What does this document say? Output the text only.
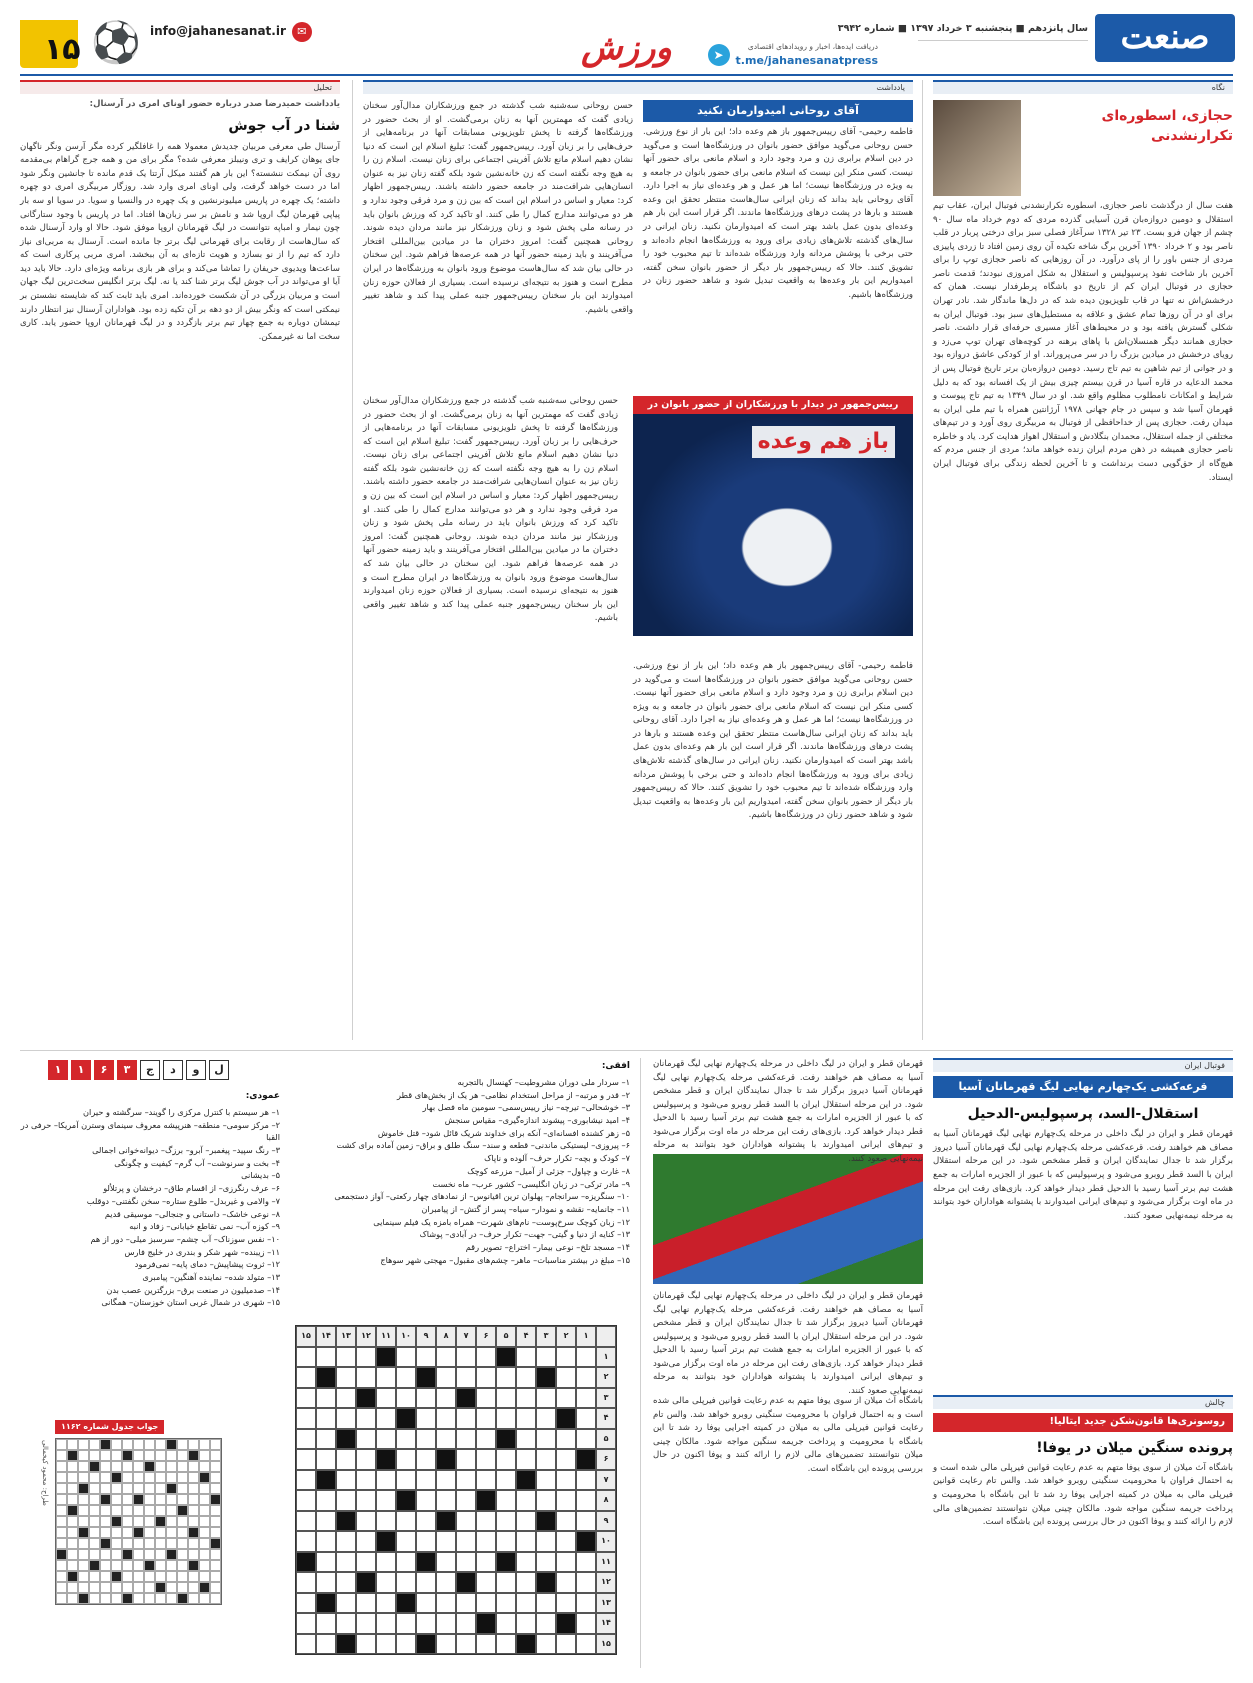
صنعت
سال پانزدهم ■ پنجشنبه ۳ خرداد ۱۳۹۷ ■ شماره ۳۹۴۲
دریافت ایده‌ها، اخبار و رویدادهای اقتصادی
t.me/jahanesanatpress
➤
ورزش
info@jahanesanat.ir	✉
⚽
۱۵
نگاه
حجازی، اسطوره‌ای تکرارنشدنی
هفت سال از درگذشت ناصر حجازی، اسطوره تکرارنشدنی فوتبال ایران، عقاب تیم استقلال و دومین دروازه‌بان قرن آسیایی گذرده مردی که دوم خرداد ماه سال ۹۰ چشم از جهان فرو بست. ۲۳ تیر ۱۳۲۸ سرآغاز فصلی سبز برای درختی پربار در قلب ناصر بود و ۲ خرداد ۱۳۹۰ آخرین برگ شاخه تکیده آن روی زمین افتاد تا زردی پاییزی مردی از جنس باور را از پای درآورد. در آن روزهایی که ناصر حجازی توپ را برای آخرین بار شاخت نفوذ پرسپولیس و استقلال به شکل امروزی نبودند؛ قدمت ناصر حجازی در فوتبال ایران کم از تاریخ دو باشگاه پرطرفدار نیست. همان که درخشش‌اش نه تنها در قاب تلویزیون دیده شد که در دل‌ها ماندگار شد. نادر تهران برای او در آن روزها تمام عشق و علاقه به مستطیل‌های سبز بود. فوتبال ایران به شکلی گسترش یافته بود و در محیط‌های آغاز مسیری حرفه‌ای قرار داشت. ناصر حجازی همانند دیگر همنسلان‌اش با پاهای برهنه در کوچه‌های تهران توپ می‌زد و رویای درخشش در میادین بزرگ را در سر می‌پروراند. او از کودکی عاشق دروازه بود و در جوانی از تیم شاهین به تیم تاج رسید. دومین دروازه‌بان برتر تاریخ فوتبال پس از محمد الدعایه در قاره آسیا در قرن بیستم چیزی بیش از یک افسانه بود که به دلیل شرایط و امکانات نامطلوب مظلوم واقع شد. او در سال ۱۳۴۹ به تیم تاج پیوست و قهرمان آسیا شد و سپس در جام جهانی ۱۹۷۸ آرژانتین همراه با تیم ملی ایران به میدان رفت. حجازی پس از خداحافظی از فوتبال به مربیگری روی آورد و در تیم‌های مختلفی از جمله استقلال، محمدان بنگلادش و استقلال اهواز هدایت کرد. یاد و خاطره ناصر حجازی همیشه در ذهن مردم ایران زنده خواهد ماند؛ مردی از جنس مردم که هیچ‌گاه از حق‌گویی دست برنداشت و تا آخرین لحظه زندگی برای فوتبال ایران ایستاد.
یادداشت
آقای روحانی امیدوارمان نکنید
فاطمه رحیمی- آقای رییس‌جمهور باز هم وعده داد؛ این بار از نوع ورزشی. حسن روحانی می‌گوید موافق حضور بانوان در ورزشگاه‌ها است و می‌گوید در دین اسلام برابری زن و مرد وجود دارد و اسلام مانعی برای حضور آنها نیست. کسی منکر این نیست که اسلام مانعی برای حضور بانوان در جامعه و به ویژه در ورزشگاه‌ها نیست؛ اما هر عمل و هر وعده‌ای نیاز به اجرا دارد. آقای روحانی باید بداند که زنان ایرانی سال‌هاست منتظر تحقق این وعده هستند و بارها در پشت درهای ورزشگاه‌ها ماندند. اگر قرار است این بار هم وعده‌ای بدون عمل باشد بهتر است که امیدوارمان نکنید. زنان ایرانی در سال‌های گذشته تلاش‌های زیادی برای ورود به ورزشگاه‌ها انجام داده‌اند و حتی برخی با پوشش مردانه وارد ورزشگاه شده‌اند تا تیم محبوب خود را تشویق کنند. حالا که رییس‌جمهور بار دیگر از حضور بانوان سخن گفته، امیدواریم این بار وعده‌ها به واقعیت تبدیل شود و شاهد حضور زنان در ورزشگاه‌ها باشیم.
حسن روحانی سه‌شنبه شب گذشته در جمع ورزشکاران مدال‌آور سخنان زیادی گفت که مهمترین آنها به زنان برمی‌گشت. او از بحث حضور در ورزشگاه‌ها گرفته تا پخش تلویزیونی مسابقات آنها در برنامه‌هایی از حرف‌هایی را بر زبان آورد. رییس‌جمهور گفت: تبلیغ اسلام این است که دنیا نشان دهیم اسلام مانع تلاش آفرینی اجتماعی برای زنان نیست. اسلام زن را به هیچ وجه نگفته است که زن خانه‌نشین شود بلکه گفته زنان نیز به عنوان انسان‌هایی شرافت‌مند در جامعه حضور داشته باشند. رییس‌جمهور اظهار کرد: معیار و اساس در اسلام این است که بین زن و مرد فرقی وجود ندارد و هر دو می‌توانند مدارج کمال را طی کنند. او تاکید کرد که ورزش بانوان باید در رسانه ملی پخش شود و زنان ورزشکار نیز مانند مردان دیده شوند. روحانی همچنین گفت: امروز دختران ما در میادین بین‌المللی افتخار می‌آفرینند و باید زمینه حضور آنها در همه عرصه‌ها فراهم شود. این سخنان در حالی بیان شد که سال‌هاست موضوع ورود بانوان به ورزشگاه‌ها در ایران مطرح است و هنوز به نتیجه‌ای نرسیده است. بسیاری از فعالان حوزه زنان امیدوارند این بار سخنان رییس‌جمهور جنبه عملی پیدا کند و شاهد تغییر واقعی باشیم.
رییس‌جمهور در دیدار با ورزشکاران از حضور بانوان در
باز هم وعده
حسن روحانی سه‌شنبه شب گذشته در جمع ورزشکاران مدال‌آور سخنان زیادی گفت که مهمترین آنها به زنان برمی‌گشت. او از بحث حضور در ورزشگاه‌ها گرفته تا پخش تلویزیونی مسابقات آنها در برنامه‌هایی از حرف‌هایی را بر زبان آورد. رییس‌جمهور گفت: تبلیغ اسلام این است که دنیا نشان دهیم اسلام مانع تلاش آفرینی اجتماعی برای زنان نیست. اسلام زن را به هیچ وجه نگفته است که زن خانه‌نشین شود بلکه گفته زنان نیز به عنوان انسان‌هایی شرافت‌مند در جامعه حضور داشته باشند. رییس‌جمهور اظهار کرد: معیار و اساس در اسلام این است که بین زن و مرد فرقی وجود ندارد و هر دو می‌توانند مدارج کمال را طی کنند. او تاکید کرد که ورزش بانوان باید در رسانه ملی پخش شود و زنان ورزشکار نیز مانند مردان دیده شوند. روحانی همچنین گفت: امروز دختران ما در میادین بین‌المللی افتخار می‌آفرینند و باید زمینه حضور آنها در همه عرصه‌ها فراهم شود. این سخنان در حالی بیان شد که سال‌هاست موضوع ورود بانوان به ورزشگاه‌ها در ایران مطرح است و هنوز به نتیجه‌ای نرسیده است. بسیاری از فعالان حوزه زنان امیدوارند این بار سخنان رییس‌جمهور جنبه عملی پیدا کند و شاهد تغییر واقعی باشیم.
فاطمه رحیمی- آقای رییس‌جمهور باز هم وعده داد؛ این بار از نوع ورزشی. حسن روحانی می‌گوید موافق حضور بانوان در ورزشگاه‌ها است و می‌گوید در دین اسلام برابری زن و مرد وجود دارد و اسلام مانعی برای حضور آنها نیست. کسی منکر این نیست که اسلام مانعی برای حضور بانوان در جامعه و به ویژه در ورزشگاه‌ها نیست؛ اما هر عمل و هر وعده‌ای نیاز به اجرا دارد. آقای روحانی باید بداند که زنان ایرانی سال‌هاست منتظر تحقق این وعده هستند و بارها در پشت درهای ورزشگاه‌ها ماندند. اگر قرار است این بار هم وعده‌ای بدون عمل باشد بهتر است که امیدوارمان نکنید. زنان ایرانی در سال‌های گذشته تلاش‌های زیادی برای ورود به ورزشگاه‌ها انجام داده‌اند و حتی برخی با پوشش مردانه وارد ورزشگاه شده‌اند تا تیم محبوب خود را تشویق کنند. حالا که رییس‌جمهور بار دیگر از حضور بانوان سخن گفته، امیدواریم این بار وعده‌ها به واقعیت تبدیل شود و شاهد حضور زنان در ورزشگاه‌ها باشیم.
تحلیل
یادداشت حمیدرضا صدر درباره حضور اونای امری در آرسنال:
شنا در آب جوش
آرسنال طی معرفی مربیان جدیدش معمولا همه را غافلگیر کرده مگر آرسن ونگر ناگهان جای یوهان کرایف و تری ونیبلز معرفی شده؟ مگر برای من و همه جرج گراهام بی‌مقدمه روی آن نیمکت ننشسته؟ این بار هم گفتند میکل آرتتا یک قدم مانده تا جانشین ونگر شود اما در دست خواهد گرفت، ولی اونای امری وارد شد. روزگار مربیگری امری دو چهره داشته؛ یک چهره در پاریس میلیونرنشین و یک چهره در والنسیا و سویا. در سویا او سه بار پیاپی قهرمان لیگ اروپا شد و نامش بر سر زبان‌ها افتاد. اما در پاریس با وجود ستارگانی چون نیمار و امباپه نتوانست در لیگ قهرمانان اروپا موفق شود. حالا او وارد آرسنال شده که سال‌هاست از رقابت برای قهرمانی لیگ برتر جا مانده است. آرسنال به مربی‌ای نیاز دارد که تیم را از نو بسازد و هویت تازه‌ای به آن ببخشد. امری مربی پرکاری است که ساعت‌ها ویدیوی حریفان را تماشا می‌کند و برای هر بازی برنامه ویژه‌ای دارد. حالا باید دید آیا او می‌تواند در آب جوش لیگ برتر شنا کند یا نه. لیگ برتر انگلیس سخت‌ترین لیگ جهان است و مربیان بزرگی در آن شکست خورده‌اند. امری باید ثابت کند که شایسته نشستن بر نیمکتی است که ونگر بیش از دو دهه بر آن تکیه زده بود. هواداران آرسنال نیز انتظار دارند تیمشان دوباره به جمع چهار تیم برتر بازگردد و در لیگ قهرمانان اروپا حضور یابد. کاری سخت اما نه غیرممکن.
فوتبال ایران
قرعه‌کشی یک‌چهارم نهایی لیگ قهرمانان آسیا
استقلال-السد، پرسپولیس-الدحیل
قهرمان قطر و ایران در لیگ داخلی در مرحله یک‌چهارم نهایی لیگ قهرمانان آسیا به مصاف هم خواهند رفت. قرعه‌کشی مرحله یک‌چهارم نهایی لیگ قهرمانان آسیا دیروز برگزار شد تا جدال نمایندگان ایران و قطر مشخص شود. در این مرحله استقلال ایران با السد قطر روبرو می‌شود و پرسپولیس که با عبور از الجزیره امارات به جمع هشت تیم برتر آسیا رسید با الدحیل قطر دیدار خواهد کرد. بازی‌های رفت این مرحله در ماه اوت برگزار می‌شود و تیم‌های ایرانی امیدوارند با پشتوانه هواداران خود بتوانند به مرحله نیمه‌نهایی صعود کنند.
قهرمان قطر و ایران در لیگ داخلی در مرحله یک‌چهارم نهایی لیگ قهرمانان آسیا به مصاف هم خواهند رفت. قرعه‌کشی مرحله یک‌چهارم نهایی لیگ قهرمانان آسیا دیروز برگزار شد تا جدال نمایندگان ایران و قطر مشخص شود. در این مرحله استقلال ایران با السد قطر روبرو می‌شود و پرسپولیس که با عبور از الجزیره امارات به جمع هشت تیم برتر آسیا رسید با الدحیل قطر دیدار خواهد کرد. بازی‌های رفت این مرحله در ماه اوت برگزار می‌شود و تیم‌های ایرانی امیدوارند با پشتوانه هواداران خود بتوانند به مرحله نیمه‌نهایی صعود کنند.
قهرمان قطر و ایران در لیگ داخلی در مرحله یک‌چهارم نهایی لیگ قهرمانان آسیا به مصاف هم خواهند رفت. قرعه‌کشی مرحله یک‌چهارم نهایی لیگ قهرمانان آسیا دیروز برگزار شد تا جدال نمایندگان ایران و قطر مشخص شود. در این مرحله استقلال ایران با السد قطر روبرو می‌شود و پرسپولیس که با عبور از الجزیره امارات به جمع هشت تیم برتر آسیا رسید با الدحیل قطر دیدار خواهد کرد. بازی‌های رفت این مرحله در ماه اوت برگزار می‌شود و تیم‌های ایرانی امیدوارند با پشتوانه هواداران خود بتوانند به مرحله نیمه‌نهایی صعود کنند.
چالش
روسونری‌ها قانون‌شکن جدید ایتالیا!
پرونده سنگین میلان در یوفا!
باشگاه آث میلان از سوی یوفا متهم به عدم رعایت قوانین فیرپلی مالی شده است و به احتمال فراوان با محرومیت سنگینی روبرو خواهد شد. والس تام رعایت قوانین فیرپلی مالی به میلان در کمیته اجرایی یوفا رد شد تا این باشگاه با محرومیت و پرداخت جریمه سنگین مواجه شود. مالکان چینی میلان نتوانستند تضمین‌های مالی لازم را ارائه کنند و یوفا اکنون در حال بررسی پرونده این باشگاه است.
باشگاه آث میلان از سوی یوفا متهم به عدم رعایت قوانین فیرپلی مالی شده است و به احتمال فراوان با محرومیت سنگینی روبرو خواهد شد. والس تام رعایت قوانین فیرپلی مالی به میلان در کمیته اجرایی یوفا رد شد تا این باشگاه با محرومیت و پرداخت جریمه سنگین مواجه شود. مالکان چینی میلان نتوانستند تضمین‌های مالی لازم را ارائه کنند و یوفا اکنون در حال بررسی پرونده این باشگاه است.
ل
و
د
ج
۳
۶
۱
۱	افقی:
۱– سردار ملی دوران مشروطیت– کهنسال بالتجربه
۲– قدر و مرتبه– از مراحل استخدام نظامی– هر یک از بخش‌های قطر
۳– خوشحالی– تیرچه– نیاز رییس‌سمی– سومین ماه فصل بهار
۴– امید نیشابوری– پیشوند اندازه‌گیری– مقیاس سنجش
۵– زهر کشنده افسانه‌ای– آنکه برای خداوند شریک قائل شود– قتل خاموش
۶– پیروزی– لیستیکی ماندنی– قطعه و سند– سنگ طلق و براق– زمین آماده برای کشت
۷– کودک و بچه– تکرار حرف– آلوده و ناپاک
۸– غارت و چپاول– جزئی از آمیل– مزرعه کوچک
۹– مادر ترکی– در زبان انگلیسی– کشور عرب– ماه نخست
۱۰– سنگریزه– سرانجام– پهلوان ترین اقیانوس– از نمادهای چهار رکعتی– آواز دستجمعی
۱۱– جانمایه– نقشه و نمودار– سیاه– پسر از گتش– از پیامبران
۱۲– زبان کوچک سرخ‌پوست– نام‌های شهرت– همراه بامزه یک فیلم سینمایی
۱۳– کنایه از دنیا و گیتی– جهت– تکرار حرف– در آبادی– پوشاک
۱۴– مسجد تلخ– نوعی بیمار– اختراع– تصویر رقم
۱۵– مبلغ در بیشتر مناسبات– ماهر– چشم‌های مقبول– مهجتی شهر سوهاج
عمودی:
۱– هر سیستم با کنترل مرکزی را گویند– سرگشته و حیران
۲– مرکز سومی– منطقه– هنرپیشه معروف سینمای وسترن آمریکا– حرفی در القبا
۳– رنگ سپید– پیغمبر– آبرو– برزگ– دیوانه‌خوانی اجمالی
۴– بخت و سرنوشت– آب گرم– کیفیت و چگونگی
۵– بدیشانی
۶– عرف رنگرزی– از اقسام طاق– درخشان و پرتلألو
۷– والامی و غیربدل– طلوع ستاره– سخن نگفتنی– دوقلب
۸– نوعی خاشک– داستانی و جنجالی– موسیقی قدیم
۹– کوزه آب– نمی تقاطع خیابانی– زفاد و انبه
۱۰– نفس سوزناک– آب چشم– سرسبز میلی– دور از هم
۱۱– زیبنده– شهر شکر و بندری در خلیج فارس
۱۲– ثروت پیشاپیش– دمای پایه– نمی‌فرمود
۱۳– متولد شده– نماینده آهنگین– پیامبری
۱۴– صدمیلیون در صنعت برق– بزرگترین عصب بدن
۱۵– شهری در شمال غربی استان خوزستان– همگانی
۱
۲
۳
۴
۵
۶
۷
۸
۹
۱۰
۱۱
۱۲
۱۳
۱۴
۱۵
۱
۲
۳
۴
۵
۶
۷
۸
۹
۱۰
۱۱
۱۲
۱۳
۱۴
۱۵
جواب جدول شماره ۱۱۶۲
طراح: محمود کیخمالی
